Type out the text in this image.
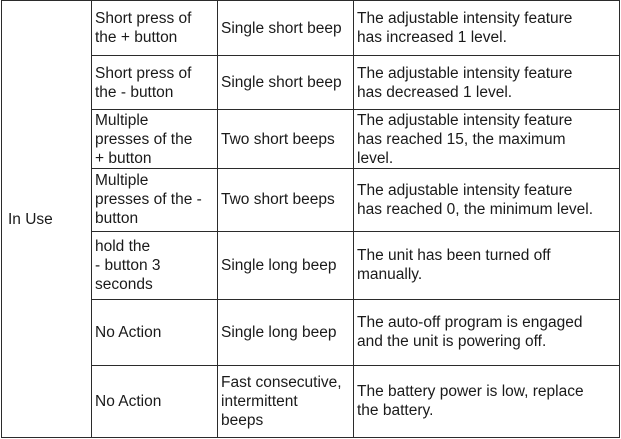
In Use	Short press of
the + button	Single short beep	The adjustable intensity feature
has increased 1 level.
	Short press of
the - button	Single short beep	The adjustable intensity feature
has decreased 1 level.
	Multiple
presses of the
+ button	Two short beeps	The adjustable intensity feature
has reached 15, the maximum
level.
	Multiple
presses of the -
button	Two short beeps	The adjustable intensity feature
has reached 0, the minimum level.
	hold the
- button 3
seconds	Single long beep	The unit has been turned off
manually.
	No Action	Single long beep	The auto-off program is engaged
and the unit is powering off.
	No Action	Fast consecutive,
intermittent
beeps	The battery power is low, replace
the battery.
